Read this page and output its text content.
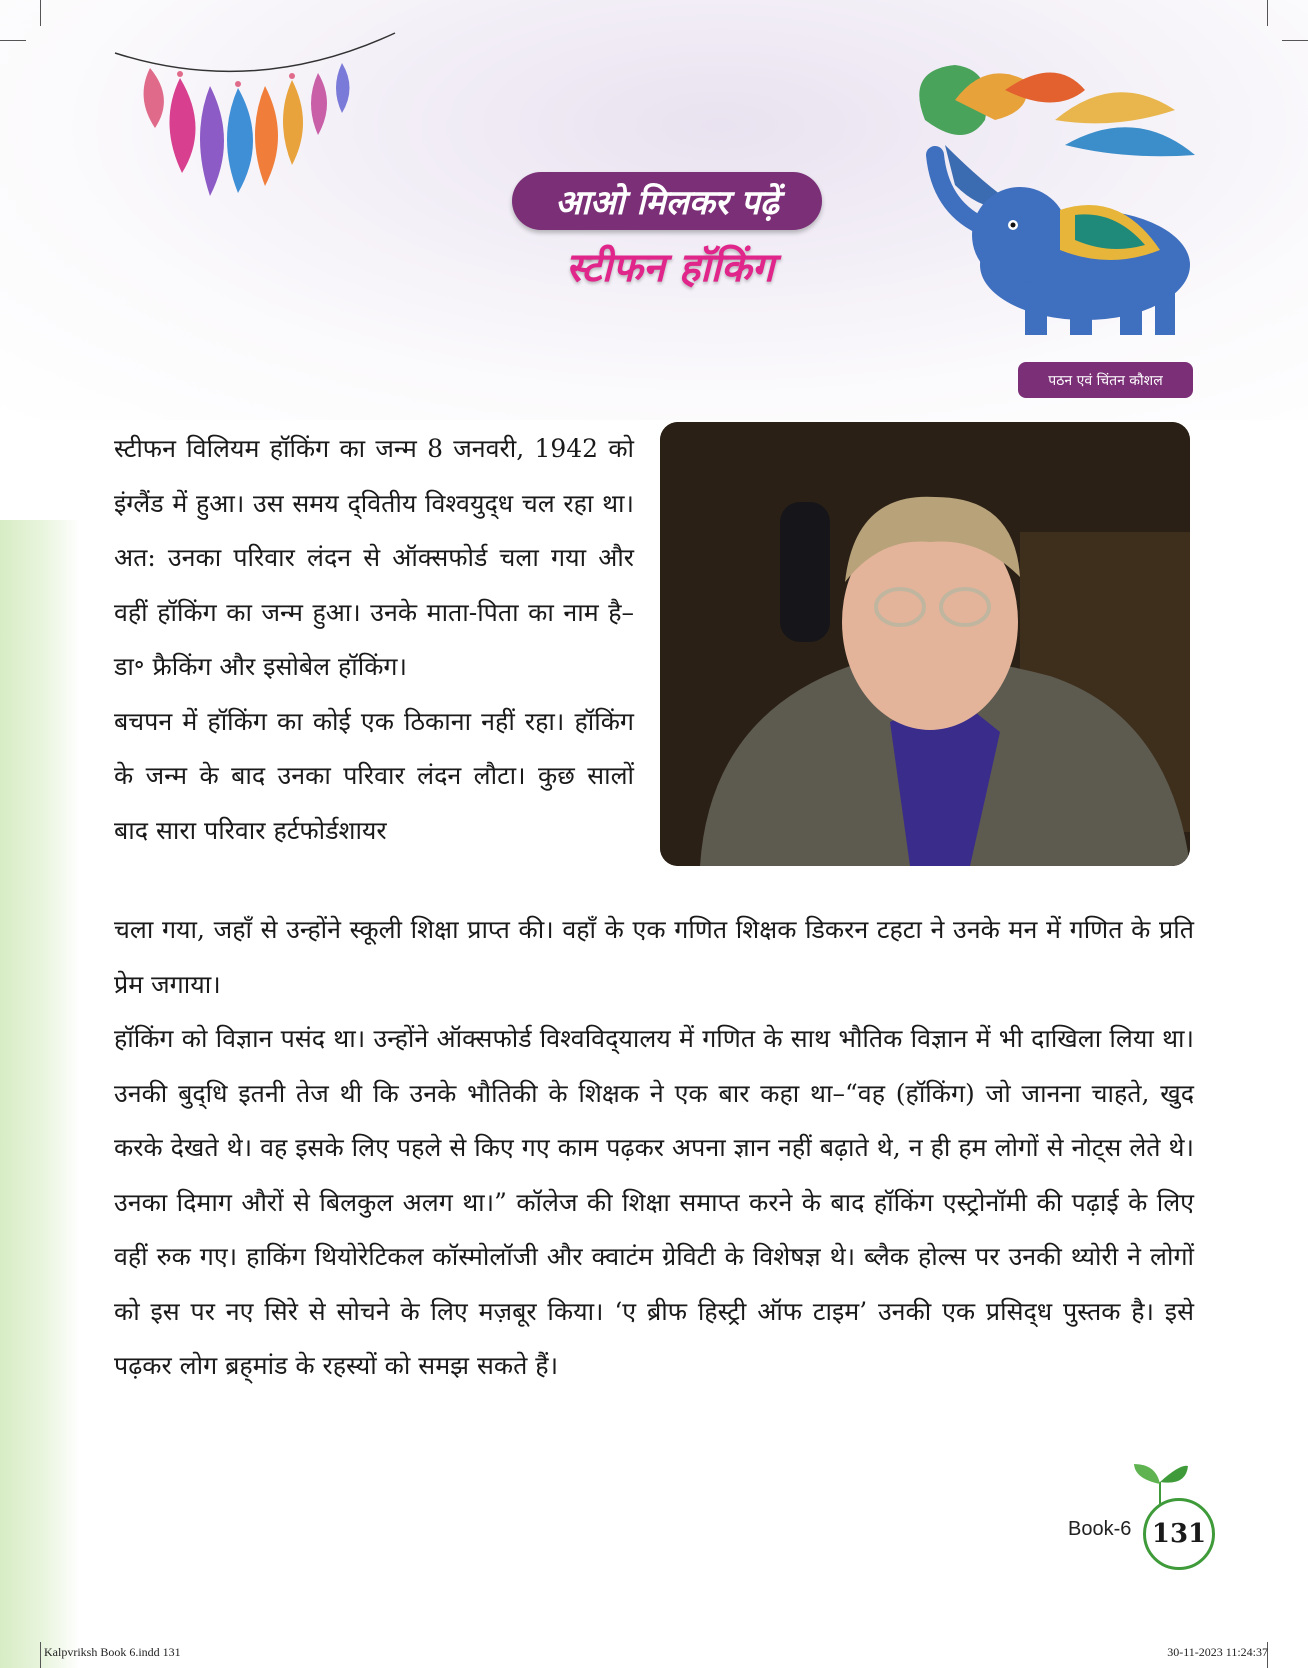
आओ मिलकर पढ़ें
स्टीफन हॉकिंग
पठन एवं चिंतन कौशल

स्टीफन विलियम हॉकिंग का जन्म 8 जनवरी, 1942 को इंग्लैंड में हुआ। उस समय द्‌वितीय विश्वयुद्‌ध चल रहा था। अत: उनका परिवार लंदन से ऑक्सफोर्ड चला गया और वहीं हॉकिंग का जन्म हुआ। उनके माता-पिता का नाम है– डा॰ फ्रैकिंग और इसोबेल हॉकिंग।

बचपन में हॉकिंग का कोई एक ठिकाना नहीं रहा। हॉकिंग के जन्म के बाद उनका परिवार लंदन लौटा। कुछ सालों बाद सारा परिवार हर्टफोर्डशायर

चला गया, जहाँ से उन्होंने स्कूली शिक्षा प्राप्त की। वहाँ के एक गणित शिक्षक डिकरन टहटा ने उनके मन में गणित के प्रति प्रेम जगाया।

हॉकिंग को विज्ञान पसंद था। उन्होंने ऑक्सफोर्ड विश्वविद्‌यालय में गणित के साथ भौतिक विज्ञान में भी दाखिला लिया था। उनकी बुद्‌धि इतनी तेज थी कि उनके भौतिकी के शिक्षक ने एक बार कहा था–“वह (हॉकिंग) जो जानना चाहते, खुद करके देखते थे। वह इसके लिए पहले से किए गए काम पढ़कर अपना ज्ञान नहीं बढ़ाते थे, न ही हम लोगों से नोट्‌स लेते थे। उनका दिमाग औरों से बिलकुल अलग था।” कॉलेज की शिक्षा समाप्त करने के बाद हॉकिंग एस्ट्रोनॉमी की पढ़ाई के लिए वहीं रुक गए। हाकिंग थियोरेटिकल कॉस्मोलॉजी और क्वाटंम ग्रेविटी के विशेषज्ञ थे। ब्लैक होल्स पर उनकी थ्योरी ने लोगों को इस पर नए सिरे से सोचने के लिए मज़बूर किया। ‘ए ब्रीफ हिस्ट्री ऑफ टाइम’ उनकी एक प्रसिद्‌ध पुस्तक है। इसे पढ़कर लोग ब्रह्‌मांड के रहस्यों को समझ सकते हैं।

Book-6 131
Kalpvriksh Book 6.indd 131	30-11-2023 11:24:37
